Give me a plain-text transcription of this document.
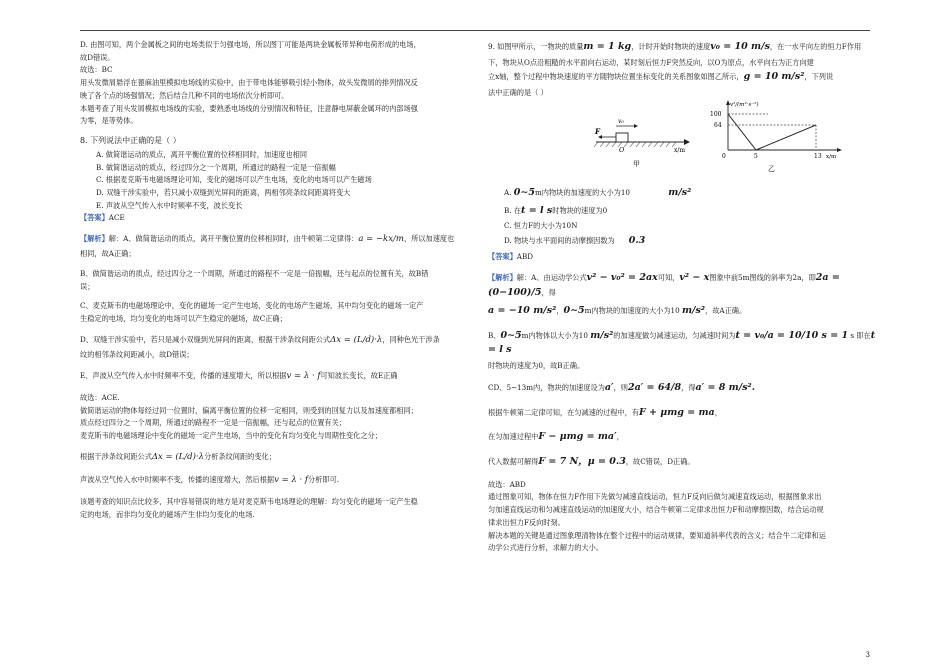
D. 由图可知，两个金属板之间的电场类似于匀强电场，所以图丁可能是两块金属板带异种电荷形成的电场，

故D错误。

故选：BC

用头发微屑悬浮在蓖麻油里模拟电场线的实验中，由于带电体能够吸引轻小物体，故头发微屑的排列情况反

映了各个点的场强情况；然后结合几种不同的电场依次分析即可。

本题考查了用头发屑模拟电场线的实验，要熟悉电场线的分别情况和特征，注意静电屏蔽金属环的内部场强

为零，是等势体。

8. 下列说法中正确的是（ ）

A. 做简谐运动的质点，离开平衡位置的位移相同时，加速度也相同

B. 做简谐运动的质点，经过四分之一个周期，所通过的路程一定是一倍振幅

C. 根据麦克斯韦电磁场理论可知，变化的磁场可以产生电场，变化的电场可以产生磁场

D. 双缝干涉实验中，若只减小双缝到光屏间的距离，两相邻亮条纹间距离将变大

E. 声波从空气传入水中时频率不变，波长变长

【答案】ACE

【解析】解：A、做简谐运动的质点，离开平衡位置的位移相同时，由牛顿第二定律得：a = −kx/m，所以加速度也

相同，故A正确；

B、做简谐运动的质点，经过四分之一个周期，所通过的路程不一定是一倍振幅，还与起点的位置有关，故B错

误；

C、麦克斯韦的电磁场理论中，变化的磁场一定产生电场，变化的电场产生磁场，其中均匀变化的磁场一定产

生稳定的电场，均匀变化的电场可以产生稳定的磁场，故C正确；

D、双缝干涉实验中，若只是减小双缝到光屏间的距离，根据干涉条纹间距公式Δx = (L/d)·λ，同种色光干涉条

纹的相邻条纹间距减小，故D错误；

E、声波从空气传入水中时频率不变，传播的速度增大，所以根据v = λ · f可知波长变长，故E正确

故选：ACE.

做简谐运动的物体每经过同一位置时，偏离平衡位置的位移一定相同，则受到的回复力以及加速度都相同；

质点经过四分之一个周期，所通过的路程不一定是一倍振幅，还与起点的位置有关；

麦克斯韦的电磁场理论中变化的磁场一定产生电场，当中的变化有均匀变化与周期性变化之分；

根据干涉条纹间距公式Δx = (L/d)·λ分析条纹间距的变化；

声波从空气传入水中时频率不变，传播的速度增大，然后根据v = λ · f分析即可.

该题考查的知识点比较多，其中容易错误的地方是对麦克斯韦电场理论的理解：均匀变化的磁场一定产生稳

定的电场，而非均匀变化的磁场产生非均匀变化的电场.

9. 如图甲所示，一物块的质量m = 1 kg，计时开始时物块的速度v₀ = 10 m/s，在一水平向左的恒力F作用

下，物块从O点沿粗糙的水平面向右运动，某时刻后恒力F突然反向，以O为原点，水平向右为正方向建

立x轴，整个过程中物块速度的平方随物块位置坐标变化的关系图象如图乙所示，g = 10 m/s²，下列说

法中正确的是（ ）

v₀
F
O	x/m
甲
v²/(m²·s⁻²)
100
64
0	5	13 x/m
乙

A. 0∼5m内物块的加速度的大小为10	m/s²

B. 在t = l s时物块的速度为0

C. 恒力F的大小为10N

D. 物块与水平面间的动摩擦因数为 0.3

【答案】ABD

【解析】解：A、由运动学公式v² − v₀² = 2ax可知，v² − x图象中前5m图线的斜率为2a，即2a = (0−100)/5，得

a = −10 m/s²，0∼5m内物块的加速度的大小为10 m/s²，故A正确。

B、0∼5m内物体以大小为10 m/s²的加速度做匀减速运动，匀减速时间为t = v₀/a = 10/10 s = 1 s 即在t = l s

时物块的速度为0，故B正确。

CD、5∼13m内，物块的加速度设为a′，则2a′ = 64/8，得a′ = 8 m/s².

根据牛顿第二定律可知，在匀减速的过程中，有F + μmg = ma，

在匀加速过程中F − μmg = ma′，

代入数据可解得F = 7 N，μ = 0.3，故C错误，D正确。

故选：ABD

通过图象可知，物体在恒力F作用下先做匀减速直线运动，恒力F反向后做匀减速直线运动，根据图象求出

匀加速直线运动和匀减速直线运动的加速度大小，结合牛顿第二定律求出恒力F和动摩擦因数，结合运动规

律求出恒力F反向时刻。

解决本题的关键是通过图象理清物体在整个过程中的运动规律，要知道斜率代表的含义；结合牛二定律和运

动学公式进行分析，求解力的大小。

3
